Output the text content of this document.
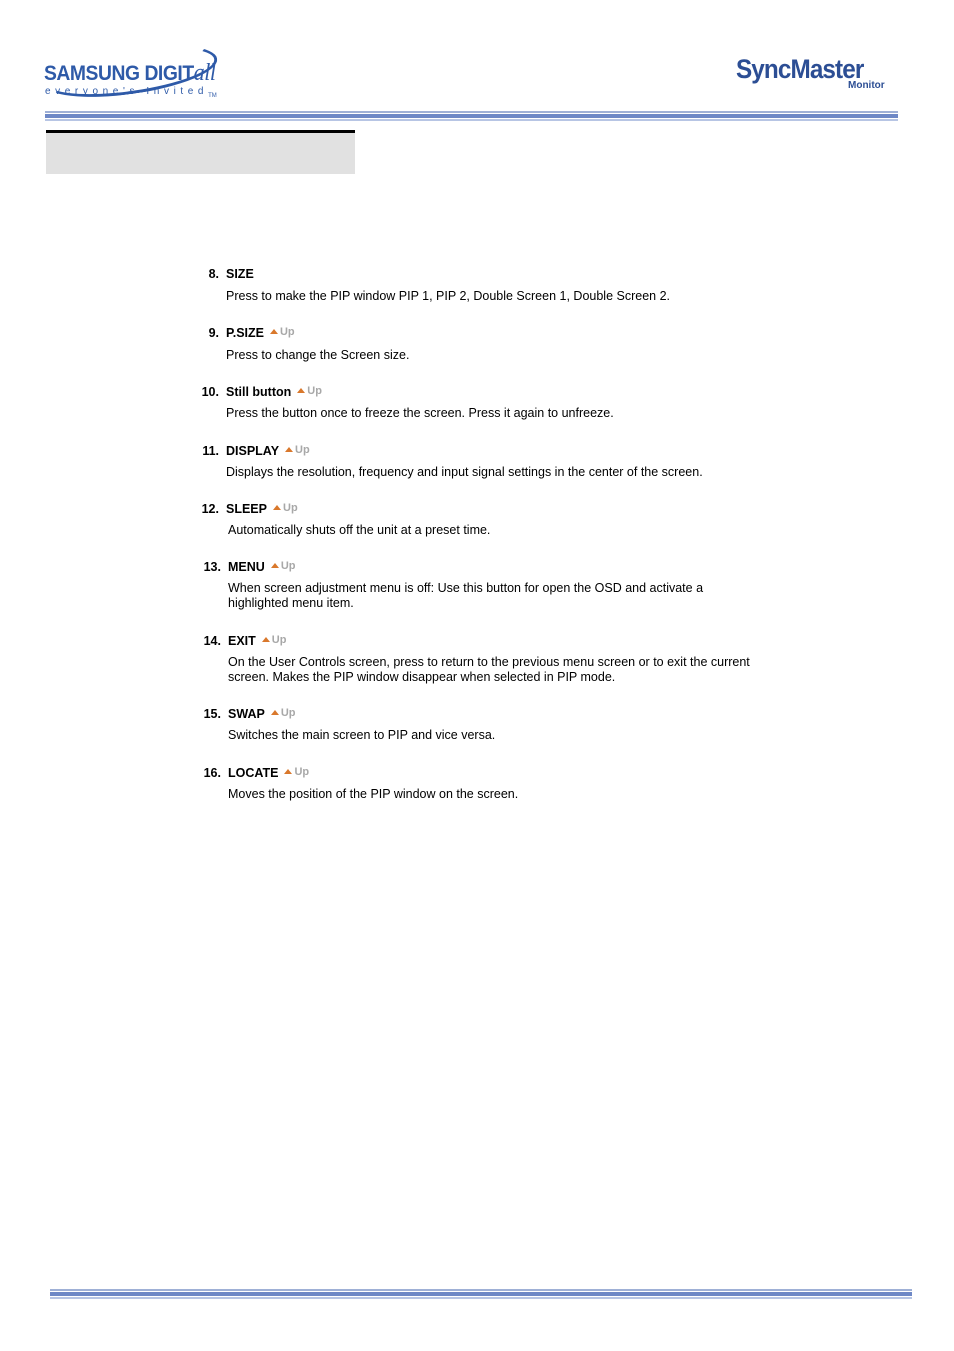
SAMSUNG DIGITall
everyone's Invited$_{TM}$
SyncMaster
Monitor
8. SIZE
Press to make the PIP window PIP 1, PIP 2, Double Screen 1, Double Screen 2.
9. P.SIZE Up
Press to change the Screen size.
10. Still button Up
Press the button once to freeze the screen. Press it again to unfreeze.
11. DISPLAY Up
Displays the resolution, frequency and input signal settings in the center of the screen.
12. SLEEP Up
Automatically shuts off the unit at a preset time.
13. MENU Up
When screen adjustment menu is off: Use this button for open the OSD and activate a highlighted menu item.
14. EXIT Up
On the User Controls screen, press to return to the previous menu screen or to exit the current screen. Makes the PIP window disappear when selected in PIP mode.
15. SWAP Up
Switches the main screen to PIP and vice versa.
16. LOCATE Up
Moves the position of the PIP window on the screen.
